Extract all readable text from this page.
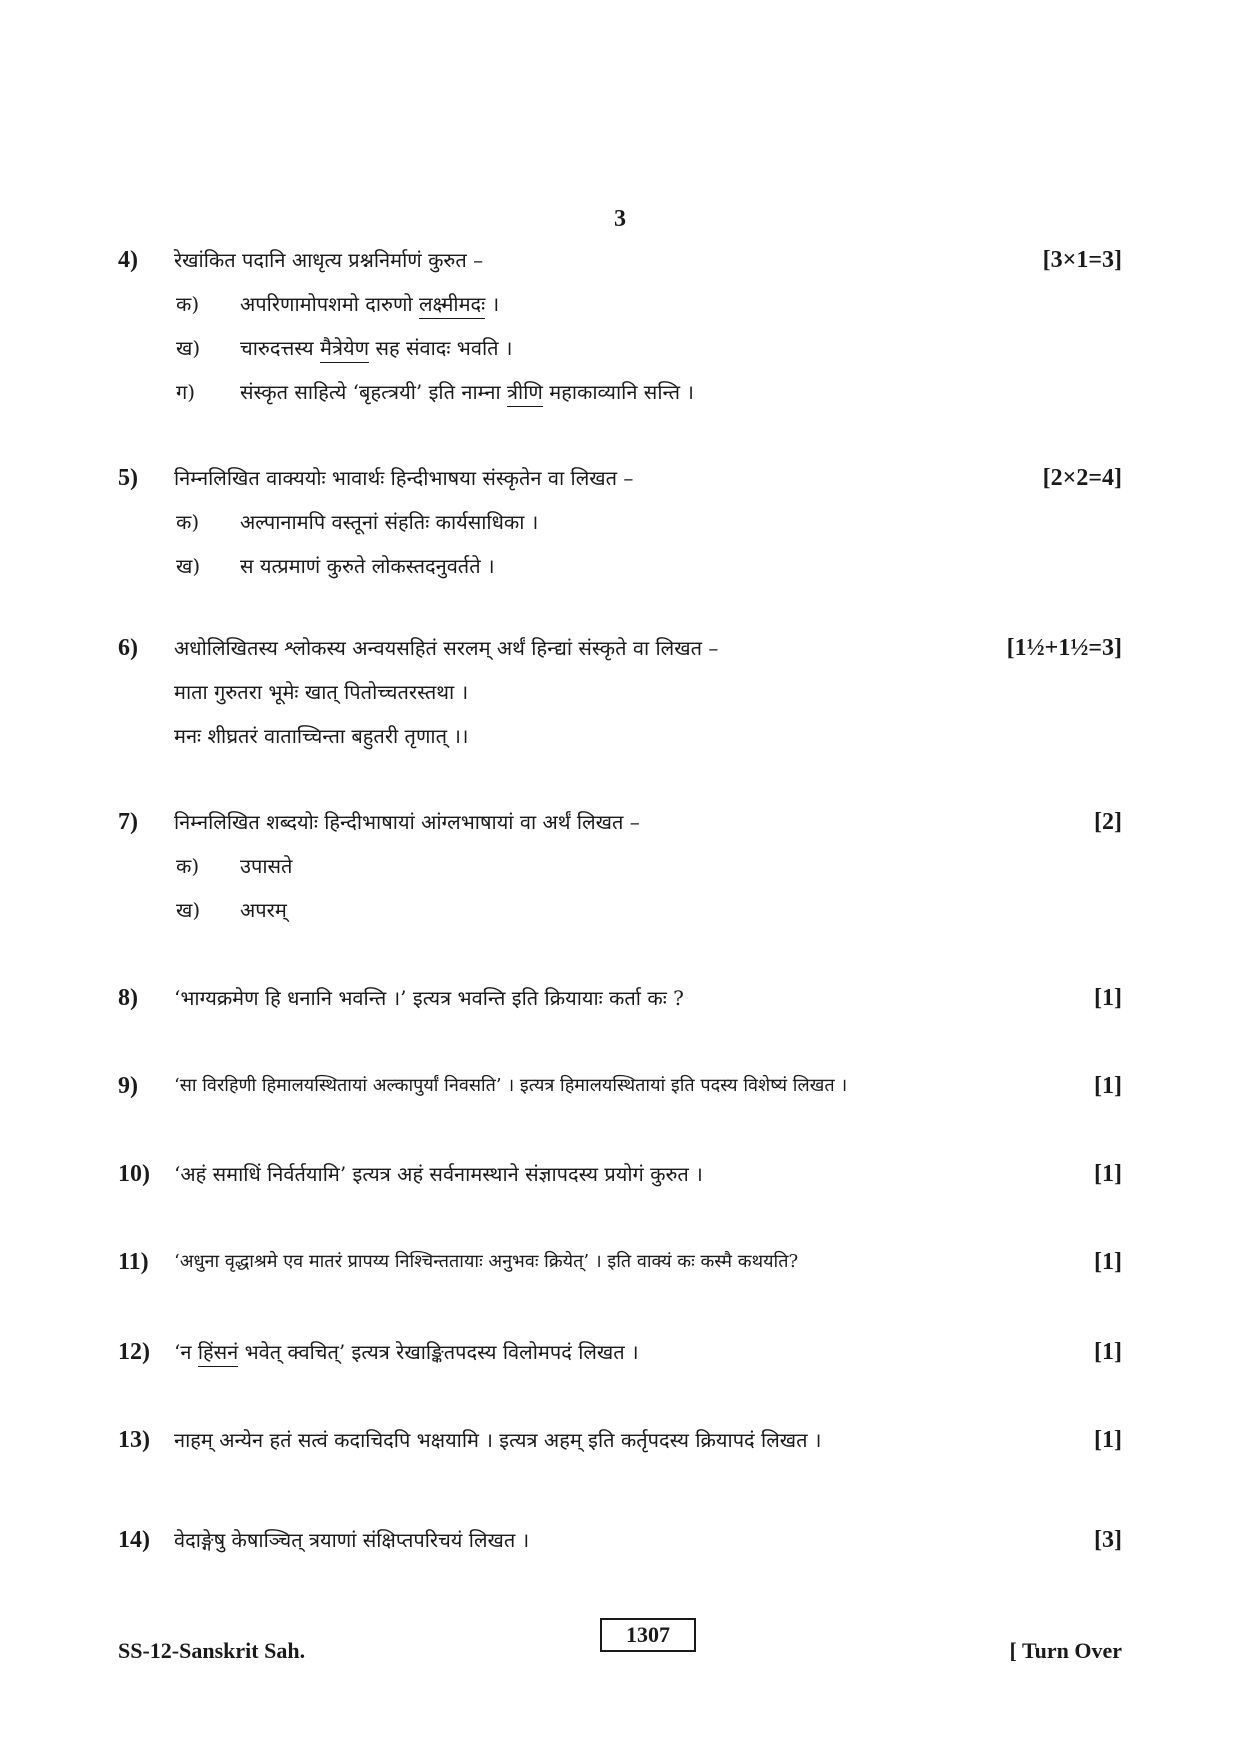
3
4) रेखांकित पदानि आधृत्य प्रश्ननिर्माणं कुरुत –	[3×1=3]
क) अपरिणामोपशमो दारुणो लक्ष्मीमदः ।
ख) चारुदत्तस्य मैत्रेयेण सह संवादः भवति ।
ग) संस्कृत साहित्ये ‘बृहत्त्रयी’ इति नाम्ना त्रीणि महाकाव्यानि सन्ति ।
5) निम्नलिखित वाक्ययोः भावार्थः हिन्दीभाषया संस्कृतेन वा लिखत –	[2×2=4]
क) अल्पानामपि वस्तूनां संहतिः कार्यसाधिका ।
ख) स यत्प्रमाणं कुरुते लोकस्तदनुवर्तते ।
6) अधोलिखितस्य श्लोकस्य अन्वयसहितं सरलम् अर्थं हिन्द्यां संस्कृते वा लिखत –	[1½+1½=3]
माता गुरुतरा भूमेः खात् पितोच्चतरस्तथा ।
मनः शीघ्रतरं वाताच्चिन्ता बहुतरी तृणात् ।।
7) निम्नलिखित शब्दयोः हिन्दीभाषायां आंग्लभाषायां वा अर्थं लिखत –	[2]
क) उपासते
ख) अपरम्
8) ‘भाग्यक्रमेण हि धनानि भवन्ति ।’ इत्यत्र भवन्ति इति क्रियायाः कर्ता कः ?	[1]
9) ‘सा विरहिणी हिमालयस्थितायां अल्कापुर्यां निवसति’ । इत्यत्र हिमालयस्थितायां इति पदस्य विशेष्यं लिखत ।	[1]
10) ‘अहं समाधिं निर्वर्तयामि’ इत्यत्र अहं सर्वनामस्थाने संज्ञापदस्य प्रयोगं कुरुत ।	[1]
11) ‘अधुना वृद्धाश्रमे एव मातरं प्रापय्य निश्चिन्ततायाः अनुभवः क्रियेत्’ । इति वाक्यं कः कस्मै कथयति?	[1]
12) ‘न हिंसनं भवेत् क्वचित्’ इत्यत्र रेखाङ्कितपदस्य विलोमपदं लिखत ।	[1]
13) नाहम् अन्येन हतं सत्वं कदाचिदपि भक्षयामि । इत्यत्र अहम् इति कर्तृपदस्य क्रियापदं लिखत ।	[1]
14) वेदाङ्गेषु केषाञ्चित् त्रयाणां संक्षिप्तपरिचयं लिखत ।	[3]
SS-12-Sanskrit Sah.
1307
[ Turn Over
